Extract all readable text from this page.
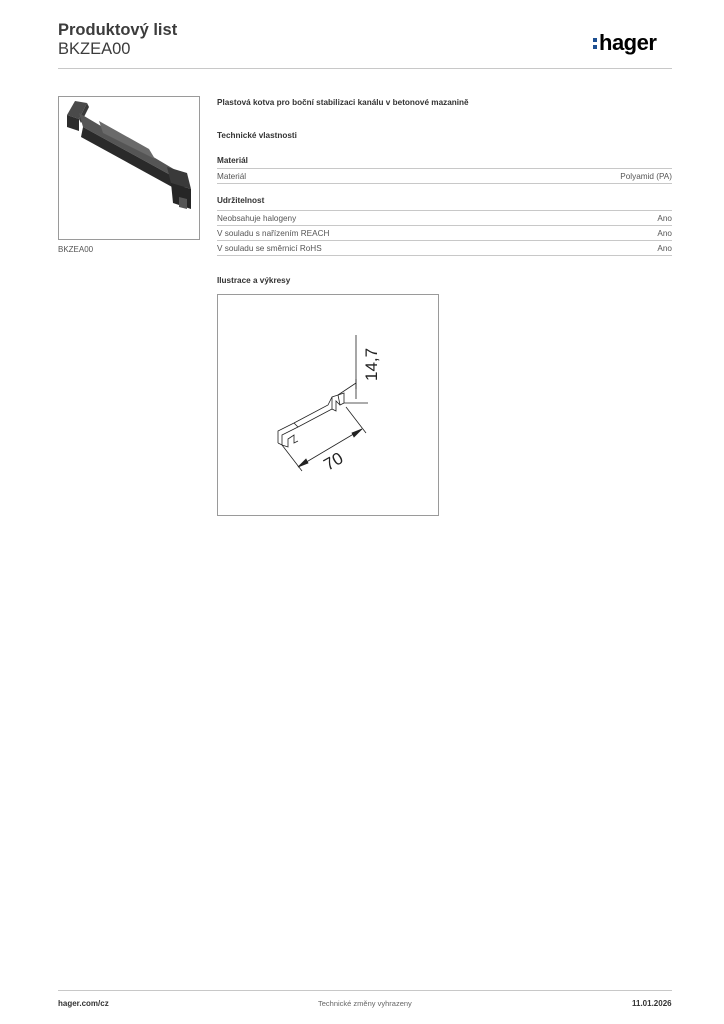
Produktový list
BKZEA00	hager
BKZEA00
Plastová kotva pro boční stabilizaci kanálu v betonové mazanině
Technické vlastnosti
Materiál
Materiál	Polyamid (PA)
Udržitelnost
Neobsahuje halogeny	Ano
V souladu s nařízením REACH	Ano
V souladu se směrnicí RoHS	Ano
Ilustrace a výkresy
14,7
70
hager.com/cz	Technické změny vyhrazeny	11.01.2026
